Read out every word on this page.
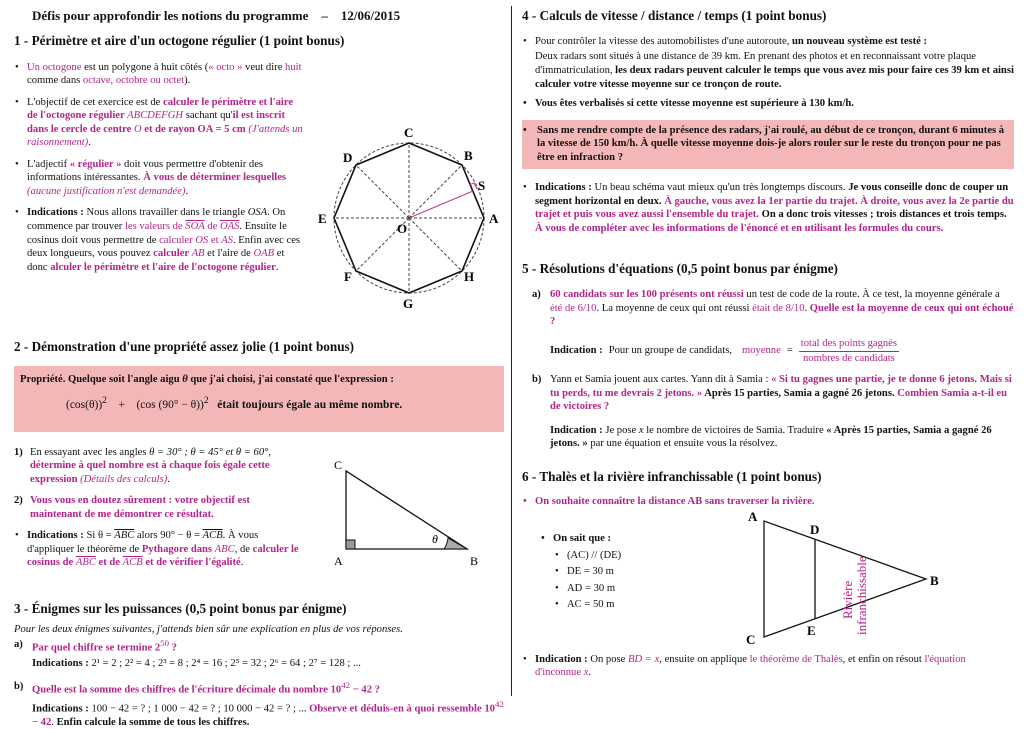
Défis pour approfondir les notions du programme – 12/06/2015
1 - Périmètre et aire d'un octogone régulier (1 point bonus)
• Un octogone est un polygone à huit côtés (« octo » veut dire huit comme dans octave, octobre ou octet).
• L'objectif de cet exercice est de calculer le périmètre et l'aire de l'octogone régulier ABCDEFGH sachant qu'il est inscrit dans le cercle de centre O et de rayon OA = 5 cm (J'attends un raisonnement).
• L'adjectif « régulier » doit vous permettre d'obtenir des informations intéressantes. À vous de déterminer lesquelles (aucune justification n'est demandée).
• Indications : Nous allons travailler dans le triangle OSA. On commence par trouver les valeurs de $\overline{SOA}$ de $\overline{OAS}$. Ensuite le cosinus doit vous permettre de calculer OS et AS. Enfin avec ces deux longueurs, vous pouvez calculer AB et l'aire de OAB et donc alculer le périmètre et l'aire de l'octogone régulier.
A
B
C
D
E
F
G
H
O
S
2 - Démonstration d'une propriété assez jolie (1 point bonus)
Propriété. Quelque soit l'angle aigu θ que j'ai choisi, j'ai constaté que l'expression :
$(\cos(\theta))^2 + (\cos$ (90° − θ))$^2$ était toujours égale au même nombre.
1) En essayant avec les angles θ = 30° ; θ = 45° et θ = 60°, détermine à quel nombre est à chaque fois égale cette expression (Détails des calculs).
2) Vous vous en doutez sûrement : votre objectif est maintenant de me démontrer ce résultat.
• Indications : Si $\theta = \overline{ABC}$ alors $90^\circ - \theta = \overline{ACB}$. À vous d'appliquer le théorème de Pythagore dans ABC, de calculer le cosinus de $\overline{ABC}$ et de $\overline{ACB}$ et de vérifier l'égalité.
C
A	B
θ
3 - Énigmes sur les puissances (0,5 point bonus par énigme)
Pour les deux énigmes suivantes, j'attends bien sûr une explication en plus de vos réponses.
a) Par quel chiffre se termine $2^{50}$ ?
Indications : 2¹ = 2 ; 2² = 4 ; 2³ = 8 ; 2⁴ = 16 ; 2⁵ = 32 ; 2⁶ = 64 ; 2⁷ = 128 ; ...
b) Quelle est la somme des chiffres de l'écriture décimale du nombre $10^{42} - 42$ ?
Indications : 100 − 42 = ? ; 1 000 − 42 = ? ; 10 000 − 42 = ? ; ... Observe et déduis-en à quoi ressemble $10^{42} - 42$. Enfin calcule la somme de tous les chiffres.
4 - Calculs de vitesse / distance / temps (1 point bonus)
• Pour contrôler la vitesse des automobilistes d'une autoroute, un nouveau système est testé :
Deux radars sont situés à une distance de 39 km. En prenant des photos et en reconnaissant votre plaque d'immatriculation, les deux radars peuvent calculer le temps que vous avez mis pour faire ces 39 km et ainsi calculer votre vitesse moyenne sur ce tronçon de route.
• Vous êtes verbalisés si cette vitesse moyenne est supérieure à 130 km/h.
• Sans me rendre compte de la présence des radars, j'ai roulé, au début de ce tronçon, durant 6 minutes à la vitesse de 150 km/h. À quelle vitesse moyenne dois-je alors rouler sur le reste du tronçon pour ne pas être en infraction ?
• Indications : Un beau schéma vaut mieux qu'un très longtemps discours. Je vous conseille donc de couper un segment horizontal en deux. À gauche, vous avez la 1er partie du trajet. À droite, vous avez la 2e partie du trajet et puis vous avez aussi l'ensemble du trajet. On a donc trois vitesses ; trois distances et trois temps. À vous de compléter avec les informations de l'énoncé et en utilisant les formules du cours.
5 - Résolutions d'équations (0,5 point bonus par énigme)
a) 60 candidats sur les 100 présents ont réussi un test de code de la route. À ce test, la moyenne générale a été de 6/10. La moyenne de ceux qui ont réussi était de 8/10. Quelle est la moyenne de ceux qui ont échoué ?
Indication : Pour un groupe de candidats, moyenne =
total des points gagnés
nombres de candidats
b) Yann et Samia jouent aux cartes. Yann dit à Samia : « Si tu gagnes une partie, je te donne 6 jetons. Mais si tu perds, tu me devrais 2 jetons. » Après 15 parties, Samia a gagné 26 jetons. Combien Samia a-t-il eu de victoires ?
Indication : Je pose x le nombre de victoires de Samia. Traduire « Après 15 parties, Samia a gagné 26 jetons. » par une équation et ensuite vous la résolvez.
6 - Thalès et la rivière infranchissable (1 point bonus)
• On souhaite connaître la distance AB sans traverser la rivière.
• On sait que :
• (AC) // (DE)
• DE = 30 m
• AD = 30 m
• AC = 50 m
A
D
B
E
C
Rivière infranchissable
• Indication : On pose BD = x, ensuite on applique le théorème de Thalès, et enfin on résout l'équation d'inconnue x.
